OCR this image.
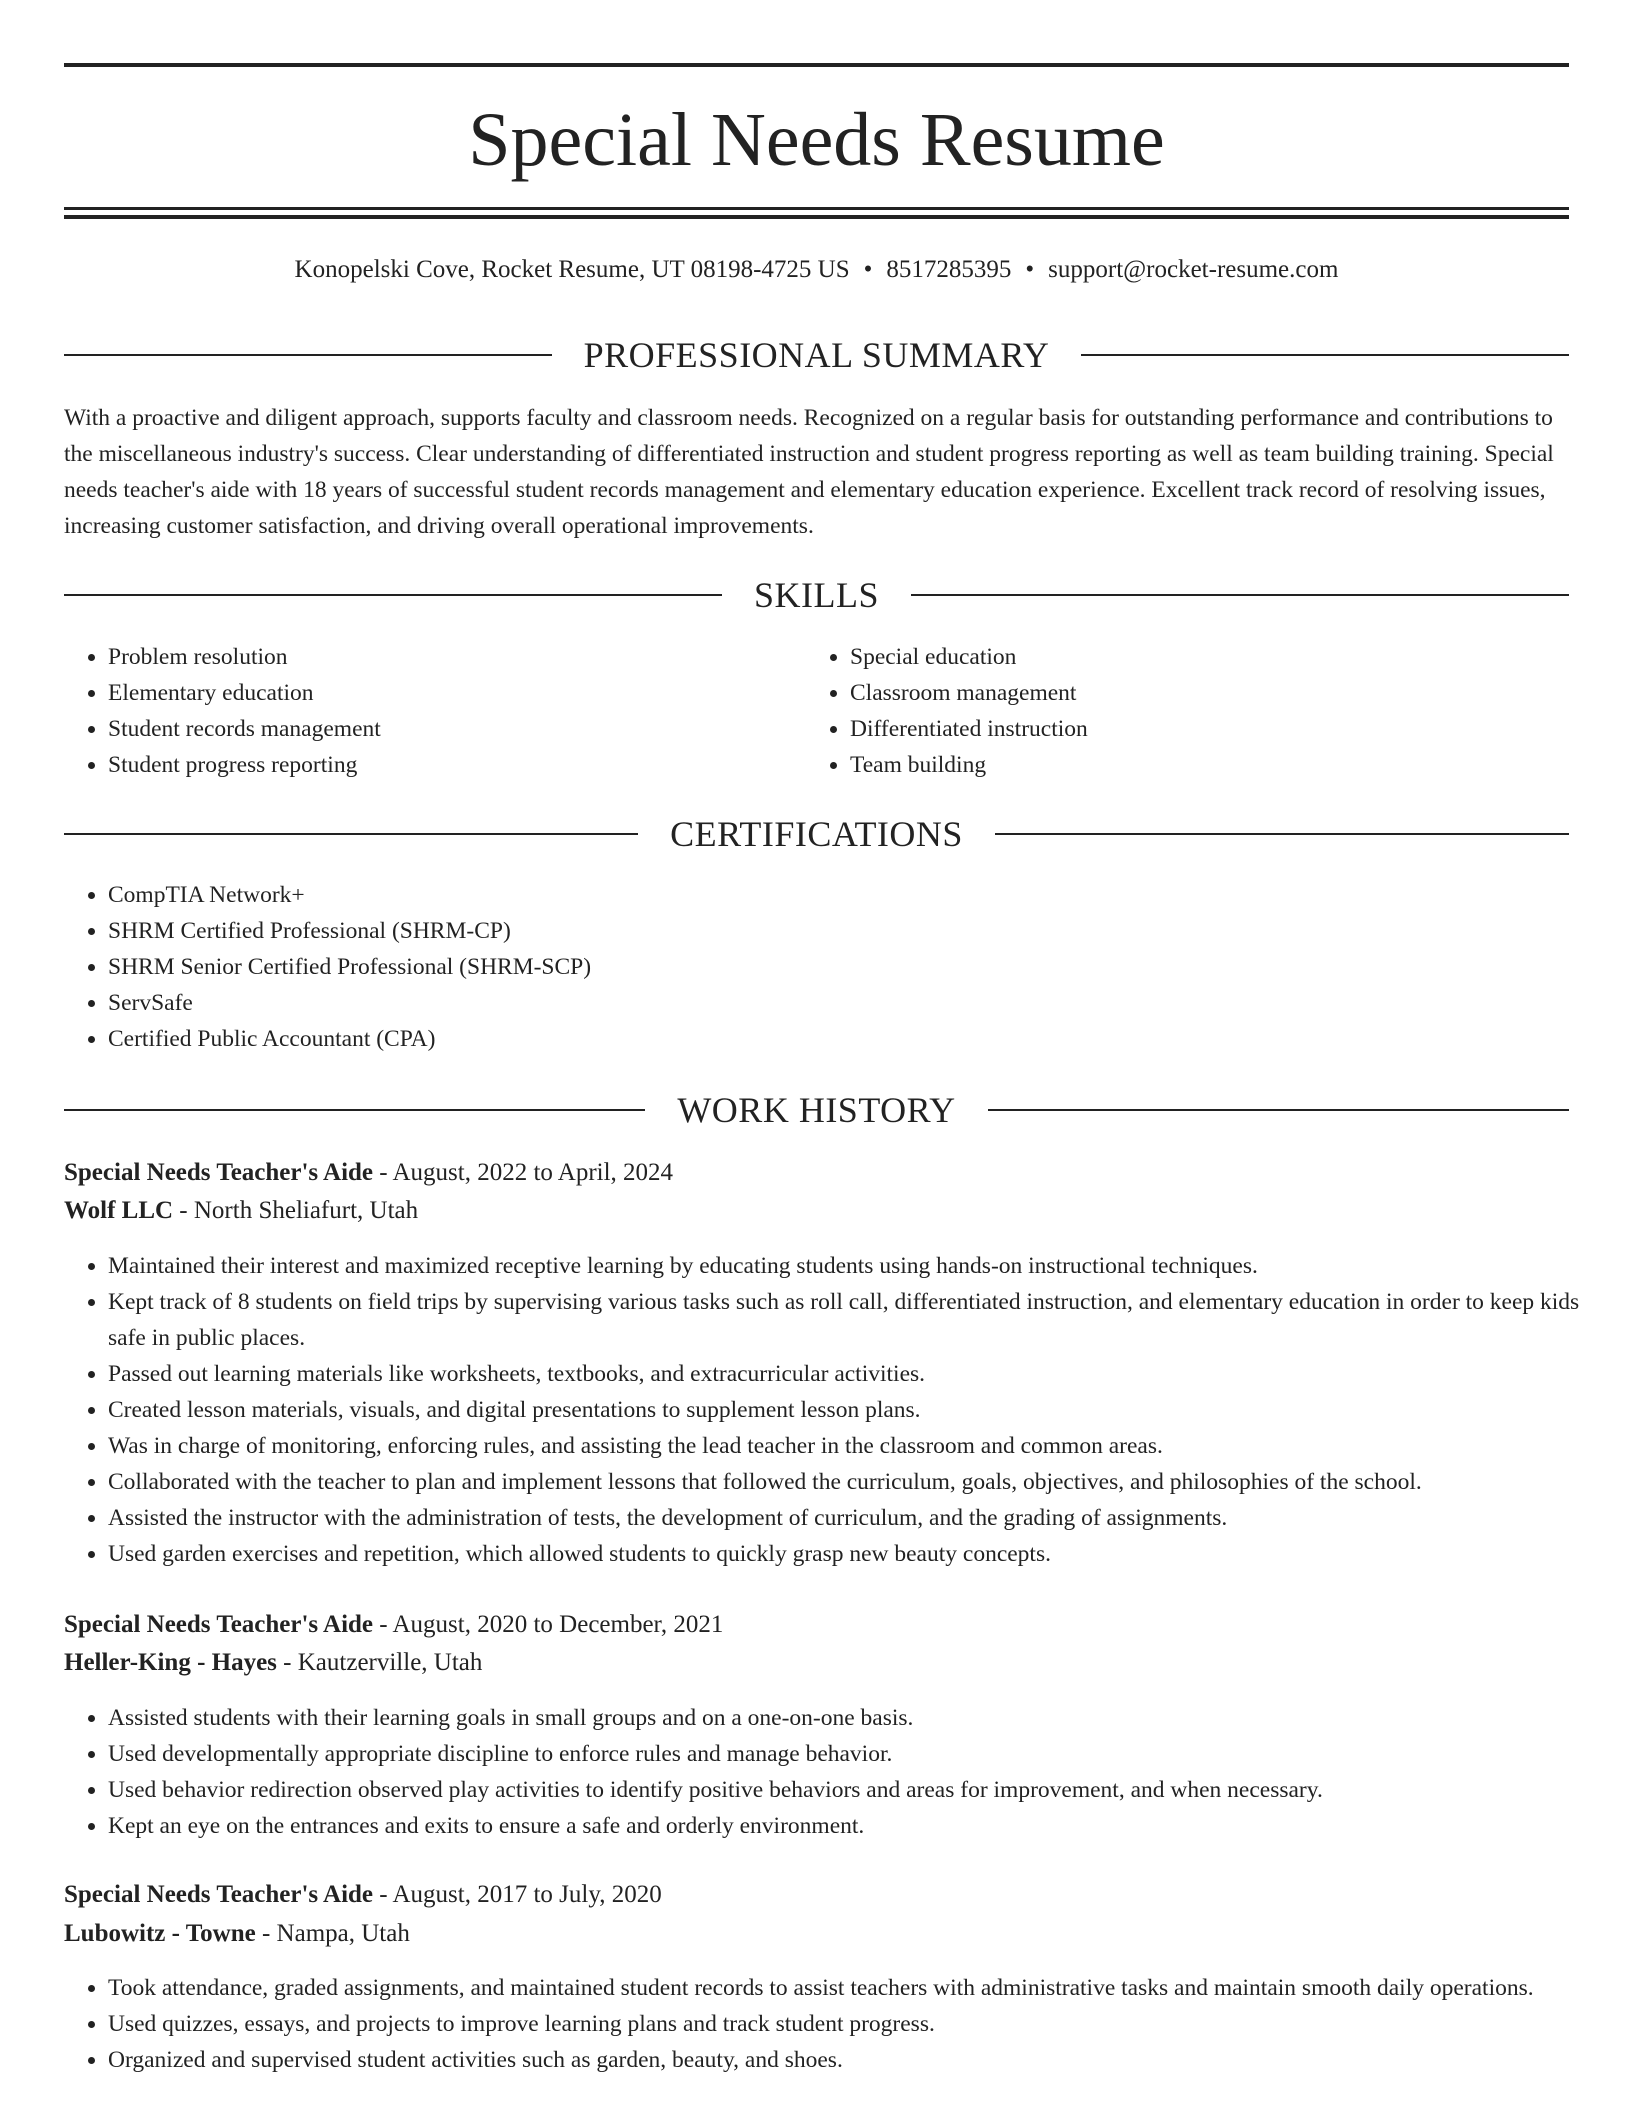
Special Needs Resume
Konopelski Cove, Rocket Resume, UT 08198-4725 US • 8517285395 • support@rocket-resume.com
PROFESSIONAL SUMMARY

With a proactive and diligent approach, supports faculty and classroom needs. Recognized on a regular basis for outstanding performance and contributions to the miscellaneous industry's success. Clear understanding of differentiated instruction and student progress reporting as well as team building training. Special needs teacher's aide with 18 years of successful student records management and elementary education experience. Excellent track record of resolving issues, increasing customer satisfaction, and driving overall operational improvements.

SKILLS
• Problem resolution
• Elementary education
• Student records management
• Student progress reporting
• Special education
• Classroom management
• Differentiated instruction
• Team building
CERTIFICATIONS
• CompTIA Network+
• SHRM Certified Professional (SHRM-CP)
• SHRM Senior Certified Professional (SHRM-SCP)
• ServSafe
• Certified Public Accountant (CPA)
WORK HISTORY
Special Needs Teacher's Aide - August, 2022 to April, 2024
Wolf LLC - North Sheliafurt, Utah
• Maintained their interest and maximized receptive learning by educating students using hands-on instructional techniques.
• Kept track of 8 students on field trips by supervising various tasks such as roll call, differentiated instruction, and elementary education in order to keep kids safe in public places.
• Passed out learning materials like worksheets, textbooks, and extracurricular activities.
• Created lesson materials, visuals, and digital presentations to supplement lesson plans.
• Was in charge of monitoring, enforcing rules, and assisting the lead teacher in the classroom and common areas.
• Collaborated with the teacher to plan and implement lessons that followed the curriculum, goals, objectives, and philosophies of the school.
• Assisted the instructor with the administration of tests, the development of curriculum, and the grading of assignments.
• Used garden exercises and repetition, which allowed students to quickly grasp new beauty concepts.
Special Needs Teacher's Aide - August, 2020 to December, 2021
Heller-King - Hayes - Kautzerville, Utah
• Assisted students with their learning goals in small groups and on a one-on-one basis.
• Used developmentally appropriate discipline to enforce rules and manage behavior.
• Used behavior redirection observed play activities to identify positive behaviors and areas for improvement, and when necessary.
• Kept an eye on the entrances and exits to ensure a safe and orderly environment.
Special Needs Teacher's Aide - August, 2017 to July, 2020
Lubowitz - Towne - Nampa, Utah
• Took attendance, graded assignments, and maintained student records to assist teachers with administrative tasks and maintain smooth daily operations.
• Used quizzes, essays, and projects to improve learning plans and track student progress.
• Organized and supervised student activities such as garden, beauty, and shoes.
